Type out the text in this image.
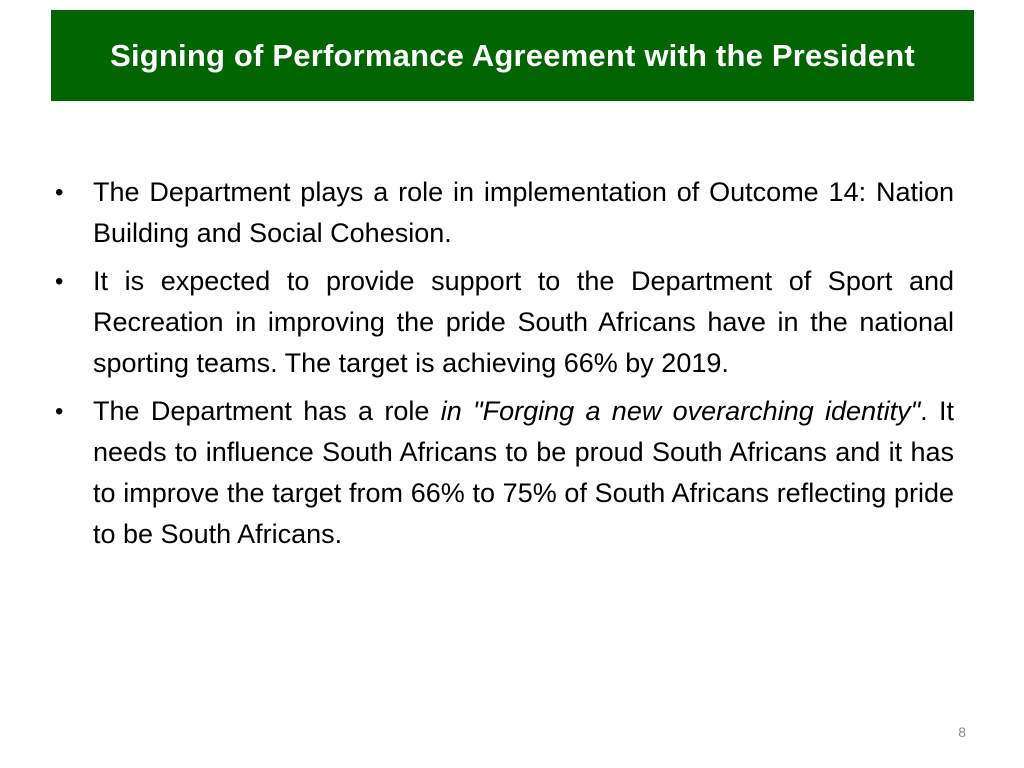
Signing of Performance Agreement with the President
•	The Department plays a role in implementation of Outcome 14: Nation Building and Social Cohesion.
•	It is expected to provide support to the Department of Sport and Recreation in improving the pride South Africans have in the national sporting teams. The target is achieving 66% by 2019.
•	The Department has a role in "Forging a new overarching identity". It needs to influence South Africans to be proud South Africans and it has to improve the target from 66% to 75% of South Africans reflecting pride to be South Africans.
8
